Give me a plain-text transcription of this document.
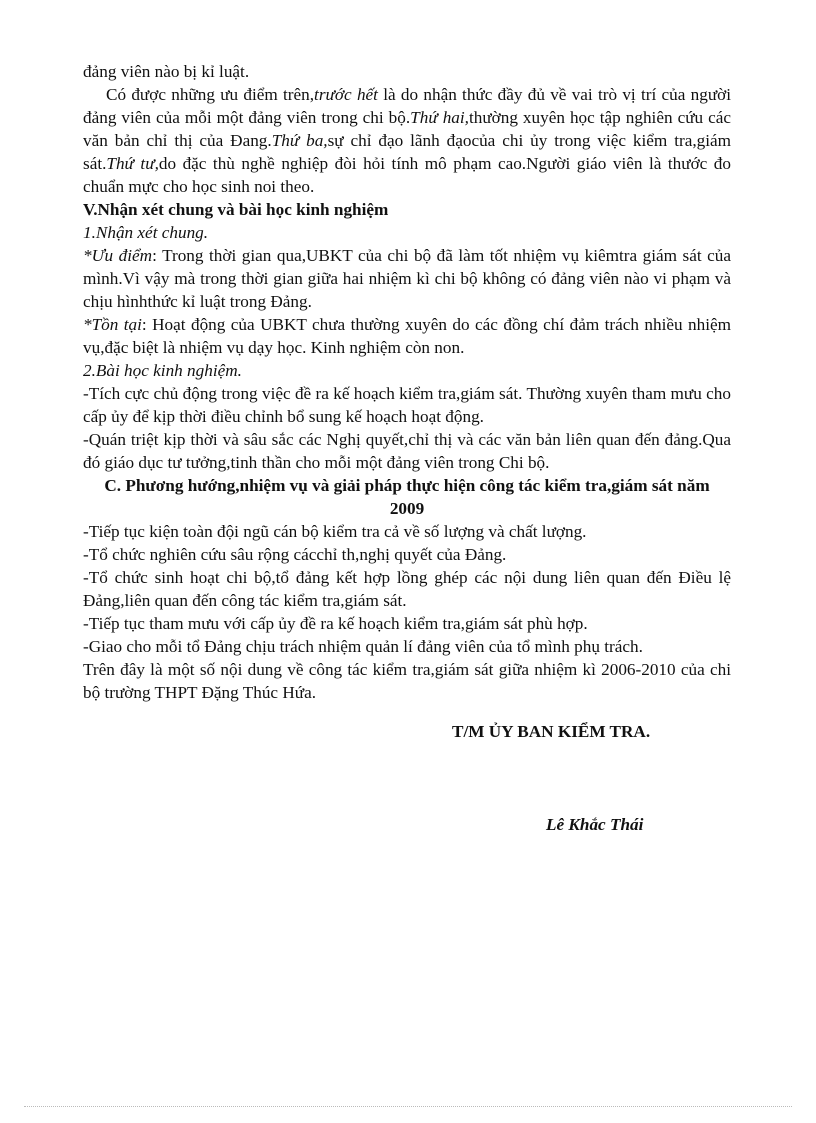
đảng viên nào bị kỉ luật.

Có được những ưu điểm trên,trước hết là do nhận thức đầy đủ về vai trò vị trí của người đảng viên của mỗi một đảng viên trong chi bộ.Thứ hai,thường xuyên học tập nghiên cứu các văn bản chỉ thị của Đang.Thứ ba,sự chỉ đạo lãnh đạocủa chi ủy trong việc kiểm tra,giám sát.Thứ tư,do đặc thù nghề nghiệp đòi hỏi tính mô phạm cao.Người giáo viên là thước đo chuẩn mực cho học sinh noi theo.

V.Nhận xét chung và bài học kinh nghiệm

1.Nhận xét chung.

*Ưu điểm: Trong thời gian qua,UBKT của chi bộ đã làm tốt nhiệm vụ kiêmtra giám sát của mình.Vì vậy mà trong thời gian giữa hai nhiệm kì chi bộ không có đảng viên nào vi phạm và chịu hìnhthức kỉ luật trong Đảng.

*Tồn tại: Hoạt động của UBKT chưa thường xuyên do các đồng chí đảm trách nhiều nhiệm vụ,đặc biệt là nhiệm vụ dạy học. Kinh nghiệm còn non.

2.Bài học kinh nghiệm.

-Tích cực chủ động trong việc đề ra kế hoạch kiểm tra,giám sát. Thường xuyên tham mưu cho cấp ủy để kịp thời điều chỉnh bổ sung kế hoạch hoạt động.

-Quán triệt kịp thời và sâu sắc các Nghị quyết,chỉ thị và các văn bản liên quan đến đảng.Qua đó giáo dục tư tưởng,tinh thần cho mỗi một đảng viên trong Chi bộ.

C. Phương hướng,nhiệm vụ và giải pháp thực hiện công tác kiểm tra,giám sát năm 2009

-Tiếp tục kiện toàn đội ngũ cán bộ kiểm tra cả về số lượng và chất lượng.

-Tổ chức nghiên cứu sâu rộng cácchỉ th,nghị quyết của Đảng.

-Tổ chức sinh hoạt chi bộ,tổ đảng kết hợp lồng ghép các nội dung liên quan đến Điều lệ Đảng,liên quan đến công tác kiểm tra,giám sát.

-Tiếp tục tham mưu với cấp ủy đề ra kế hoạch kiểm tra,giám sát phù hợp.

-Giao cho mỗi tổ Đảng chịu trách nhiệm quản lí đảng viên của tổ mình phụ trách.

Trên đây là một số nội dung về công tác kiểm tra,giám sát giữa nhiệm kì 2006-2010 của chi bộ trường THPT Đặng Thúc Hứa.

T/M ỦY BAN KIỂM TRA.
Lê Khắc Thái
